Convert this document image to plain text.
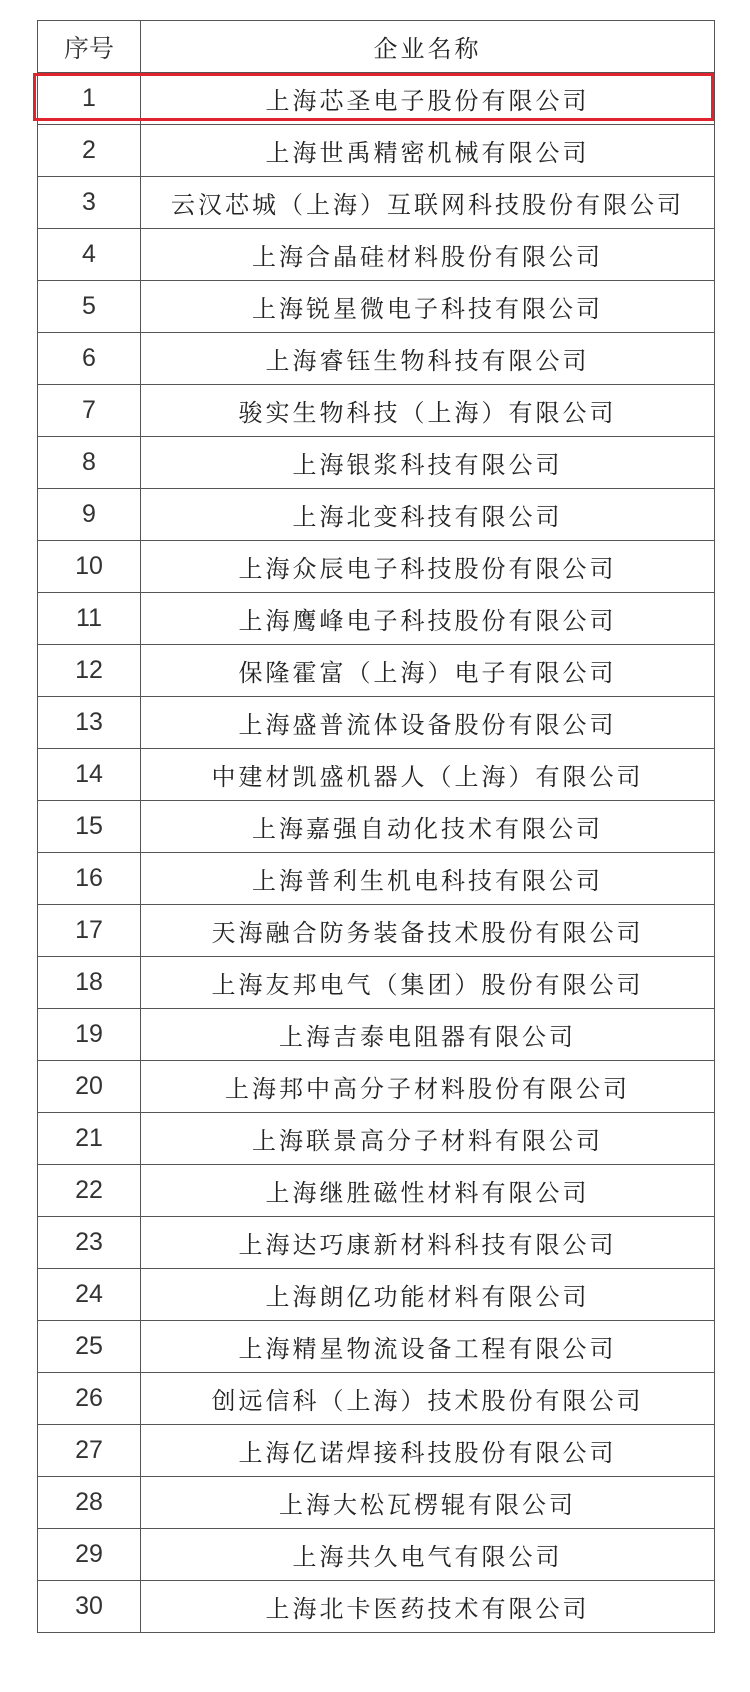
序号	企业名称
1	上海芯圣电子股份有限公司
2	上海世禹精密机械有限公司
3	云汉芯城（上海）互联网科技股份有限公司
4	上海合晶硅材料股份有限公司
5	上海锐星微电子科技有限公司
6	上海睿钰生物科技有限公司
7	骏实生物科技（上海）有限公司
8	上海银浆科技有限公司
9	上海北变科技有限公司
10	上海众辰电子科技股份有限公司
11	上海鹰峰电子科技股份有限公司
12	保隆霍富（上海）电子有限公司
13	上海盛普流体设备股份有限公司
14	中建材凯盛机器人（上海）有限公司
15	上海嘉强自动化技术有限公司
16	上海普利生机电科技有限公司
17	天海融合防务装备技术股份有限公司
18	上海友邦电气（集团）股份有限公司
19	上海吉泰电阻器有限公司
20	上海邦中高分子材料股份有限公司
21	上海联景高分子材料有限公司
22	上海继胜磁性材料有限公司
23	上海达巧康新材料科技有限公司
24	上海朗亿功能材料有限公司
25	上海精星物流设备工程有限公司
26	创远信科（上海）技术股份有限公司
27	上海亿诺焊接科技股份有限公司
28	上海大松瓦楞辊有限公司
29	上海共久电气有限公司
30	上海北卡医药技术有限公司
